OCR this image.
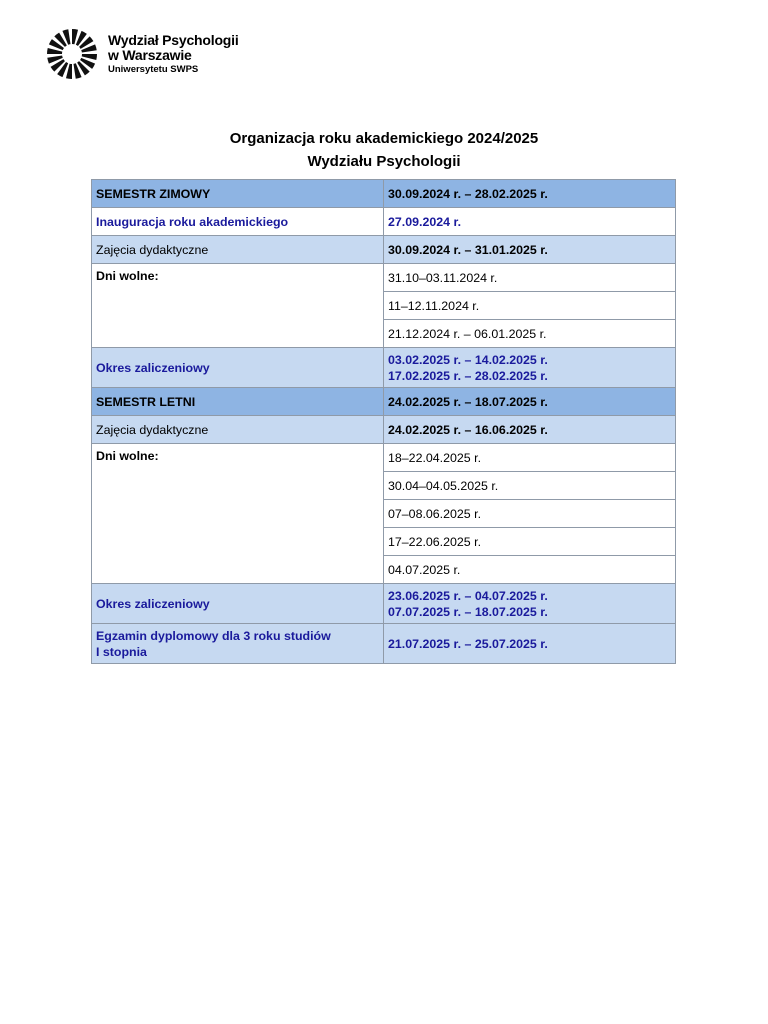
Wydział Psychologii
w Warszawie
Uniwersytetu SWPS
Organizacja roku akademickiego 2024/2025
Wydziału Psychologii
SEMESTR ZIMOWY	30.09.2024 r. – 28.02.2025 r.
Inauguracja roku akademickiego	27.09.2024 r.
Zajęcia dydaktyczne	30.09.2024 r. – 31.01.2025 r.
Dni wolne:	31.10–03.11.2024 r.
	11–12.11.2024 r.
	21.12.2024 r. – 06.01.2025 r.
Okres zaliczeniowy	03.02.2025 r. – 14.02.2025 r.
17.02.2025 r. – 28.02.2025 r.

SEMESTR LETNI	24.02.2025 r. – 18.07.2025 r.
Zajęcia dydaktyczne	24.02.2025 r. – 16.06.2025 r.
Dni wolne:	18–22.04.2025 r.
	30.04–04.05.2025 r.
	07–08.06.2025 r.
	17–22.06.2025 r.
	04.07.2025 r.
Okres zaliczeniowy	23.06.2025 r. – 04.07.2025 r.
07.07.2025 r. – 18.07.2025 r.

Egzamin dyplomowy dla 3 roku studiów
I stopnia	21.07.2025 r. – 25.07.2025 r.
